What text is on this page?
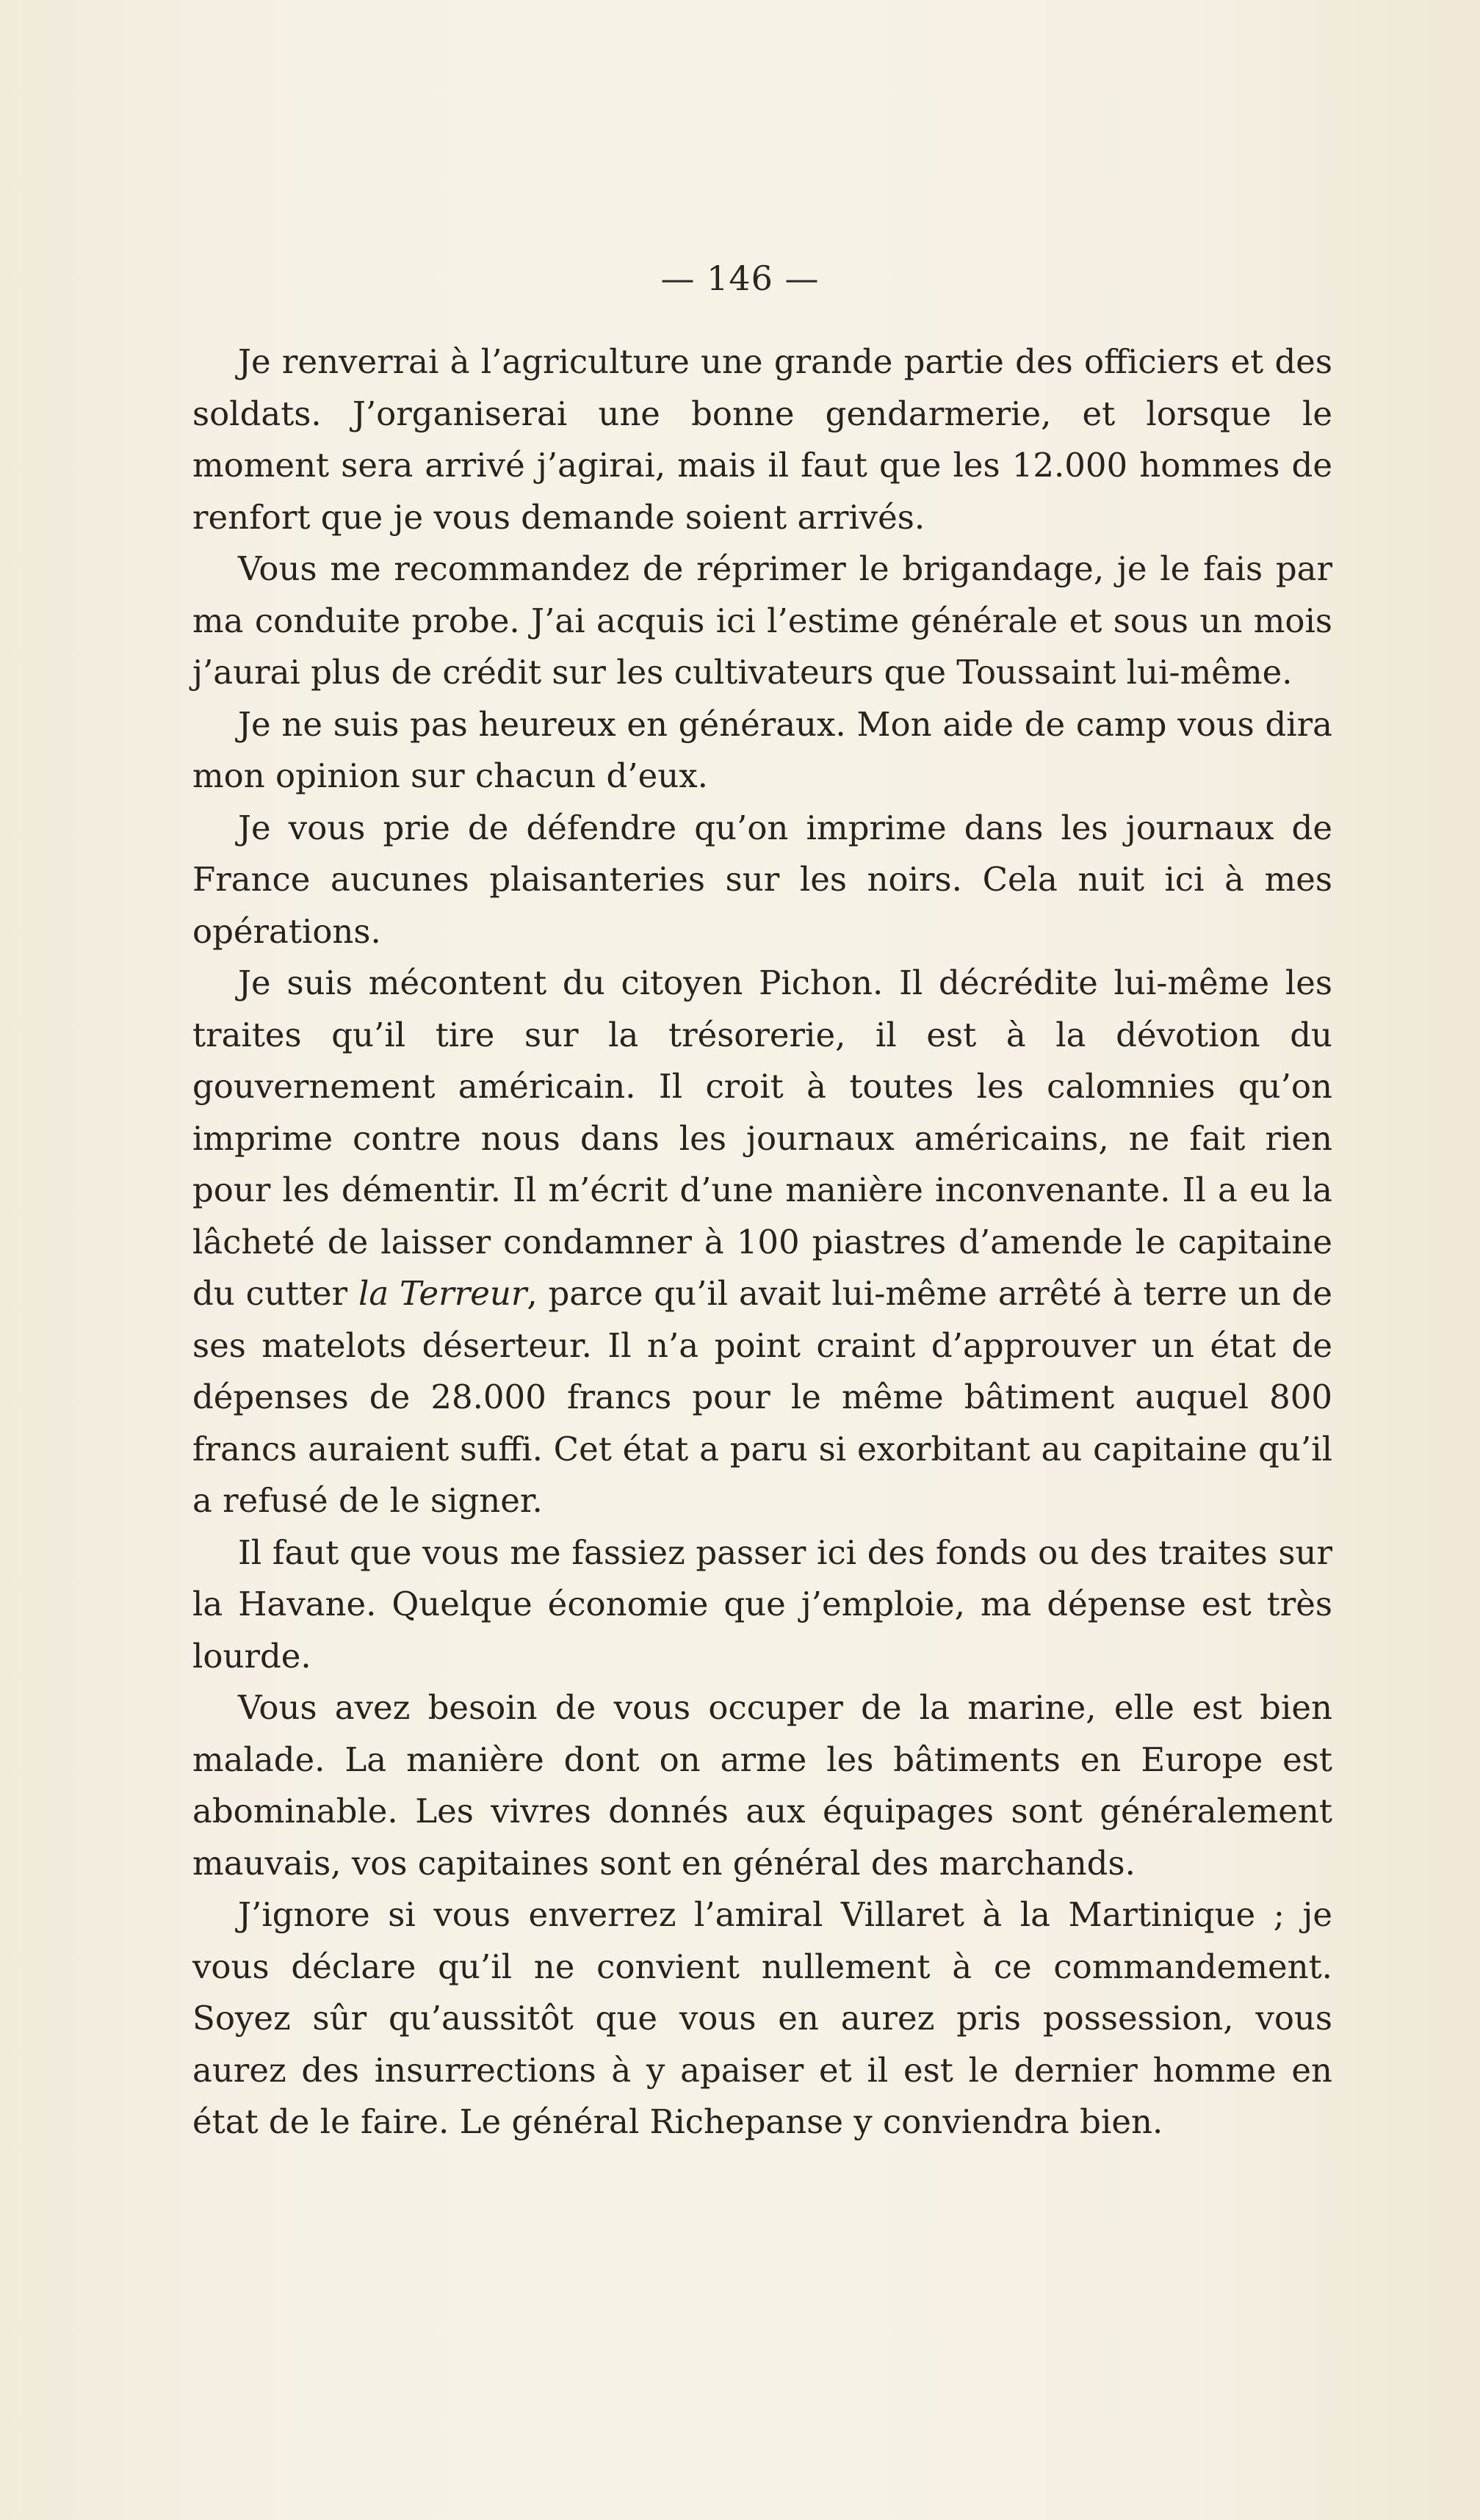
— 146 —

Je renverrai à l’agriculture une grande partie des officiers et des soldats. J’organiserai une bonne gendarmerie, et lorsque le moment sera arrivé j’agirai, mais il faut que les 12.000 hommes de renfort que je vous demande soient arrivés.

Vous me recommandez de réprimer le brigandage, je le fais par ma conduite probe. J’ai acquis ici l’estime générale et sous un mois j’aurai plus de crédit sur les cultivateurs que Toussaint lui-même.

Je ne suis pas heureux en généraux. Mon aide de camp vous dira mon opinion sur chacun d’eux.

Je vous prie de défendre qu’on imprime dans les journaux de France aucunes plaisanteries sur les noirs. Cela nuit ici à mes opérations.

Je suis mécontent du citoyen Pichon. Il décrédite lui-même les traites qu’il tire sur la trésorerie, il est à la dévotion du gouvernement américain. Il croit à toutes les calomnies qu’on imprime contre nous dans les journaux américains, ne fait rien pour les démentir. Il m’écrit d’une manière inconvenante. Il a eu la lâcheté de laisser condamner à 100 piastres d’amende le capitaine du cutter la Terreur, parce qu’il avait lui-même arrêté à terre un de ses matelots déserteur. Il n’a point craint d’approuver un état de dépenses de 28.000 francs pour le même bâtiment auquel 800 francs auraient suffi. Cet état a paru si exorbitant au capitaine qu’il a refusé de le signer.

Il faut que vous me fassiez passer ici des fonds ou des traites sur la Havane. Quelque économie que j’emploie, ma dépense est très lourde.

Vous avez besoin de vous occuper de la marine, elle est bien malade. La manière dont on arme les bâtiments en Europe est abominable. Les vivres donnés aux équipages sont généralement mauvais, vos capitaines sont en général des marchands.

J’ignore si vous enverrez l’amiral Villaret à la Martinique ; je vous déclare qu’il ne convient nullement à ce commandement. Soyez sûr qu’aussitôt que vous en aurez pris possession, vous aurez des insurrections à y apaiser et il est le dernier homme en état de le faire. Le général Richepanse y conviendra bien.
